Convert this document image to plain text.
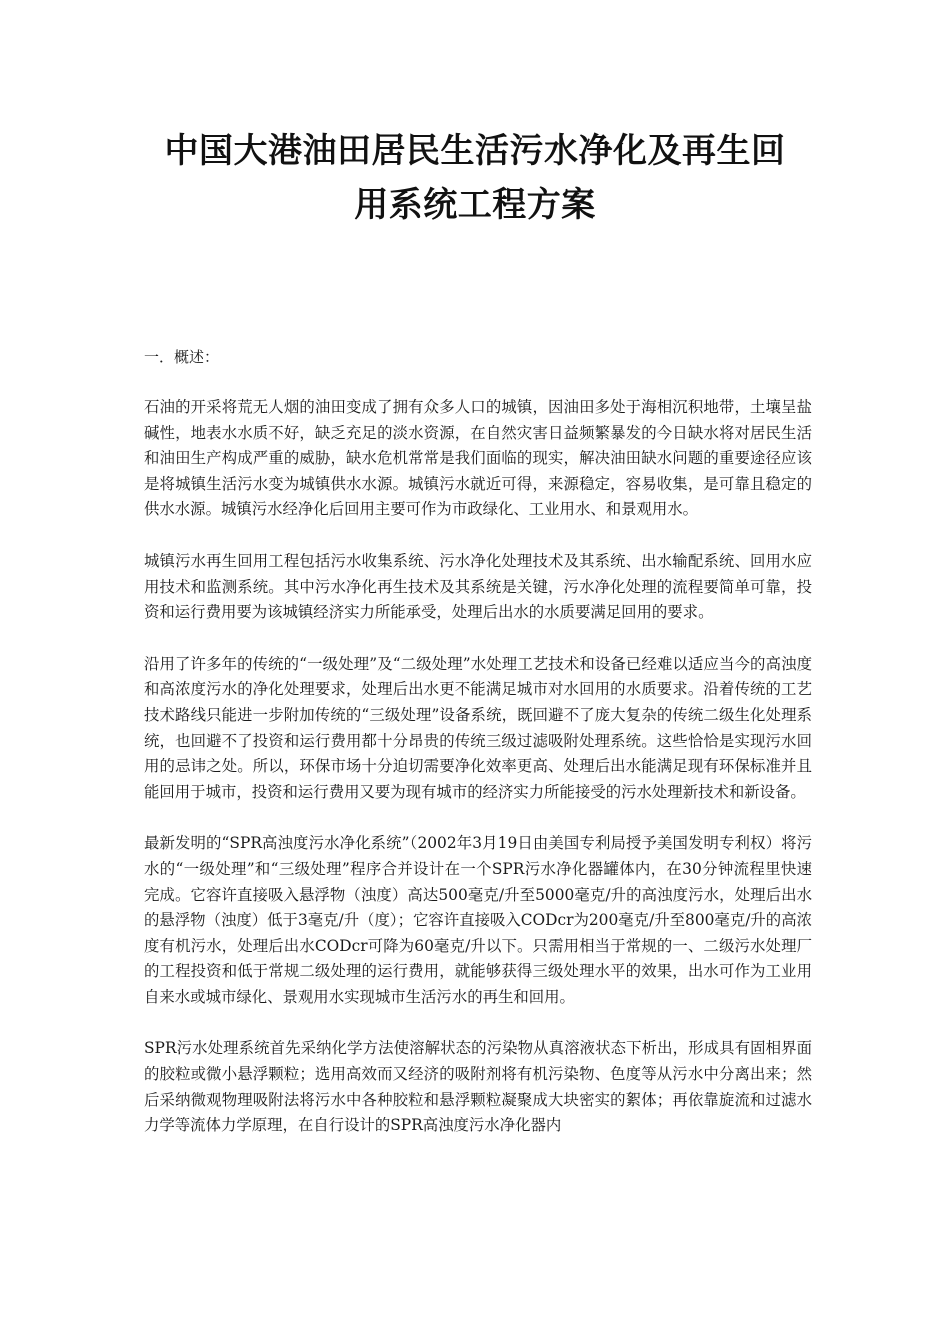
中国大港油田居民生活污水净化及再生回
用系统工程方案

一．概述：

石油的开采将荒无人烟的油田变成了拥有众多人口的城镇，因油田多处于海相沉积地带，土壤呈盐碱性，地表水水质不好，缺乏充足的淡水资源，在自然灾害日益频繁暴发的今日缺水将对居民生活和油田生产构成严重的威胁，缺水危机常常是我们面临的现实，解决油田缺水问题的重要途径应该是将城镇生活污水变为城镇供水水源。城镇污水就近可得，来源稳定，容易收集，是可靠且稳定的供水水源。城镇污水经净化后回用主要可作为市政绿化、工业用水、和景观用水。

城镇污水再生回用工程包括污水收集系统、污水净化处理技术及其系统、出水输配系统、回用水应用技术和监测系统。其中污水净化再生技术及其系统是关键，污水净化处理的流程要简单可靠，投资和运行费用要为该城镇经济实力所能承受，处理后出水的水质要满足回用的要求。

沿用了许多年的传统的“一级处理”及“二级处理”水处理工艺技术和设备已经难以适应当今的高浊度和高浓度污水的净化处理要求，处理后出水更不能满足城市对水回用的水质要求。沿着传统的工艺技术路线只能进一步附加传统的“三级处理”设备系统，既回避不了庞大复杂的传统二级生化处理系统，也回避不了投资和运行费用都十分昂贵的传统三级过滤吸附处理系统。这些恰恰是实现污水回用的忌讳之处。所以，环保市场十分迫切需要净化效率更高、处理后出水能满足现有环保标准并且能回用于城市，投资和运行费用又要为现有城市的经济实力所能接受的污水处理新技术和新设备。

最新发明的“SPR高浊度污水净化系统”（2002年3月19日由美国专利局授予美国发明专利权）将污水的“一级处理”和“三级处理”程序合并设计在一个SPR污水净化器罐体内，在30分钟流程里快速完成。它容许直接吸入悬浮物（浊度）高达500毫克/升至5000毫克/升的高浊度污水，处理后出水的悬浮物（浊度）低于3毫克/升（度）；它容许直接吸入CODcr为200毫克/升至800毫克/升的高浓度有机污水，处理后出水CODcr可降为60毫克/升以下。只需用相当于常规的一、二级污水处理厂的工程投资和低于常规二级处理的运行费用，就能够获得三级处理水平的效果，出水可作为工业用自来水或城市绿化、景观用水实现城市生活污水的再生和回用。

SPR污水处理系统首先采纳化学方法使溶解状态的污染物从真溶液状态下析出，形成具有固相界面的胶粒或微小悬浮颗粒；选用高效而又经济的吸附剂将有机污染物、色度等从污水中分离出来；然后采纳微观物理吸附法将污水中各种胶粒和悬浮颗粒凝聚成大块密实的絮体；再依靠旋流和过滤水力学等流体力学原理，在自行设计的SPR高浊度污水净化器内
